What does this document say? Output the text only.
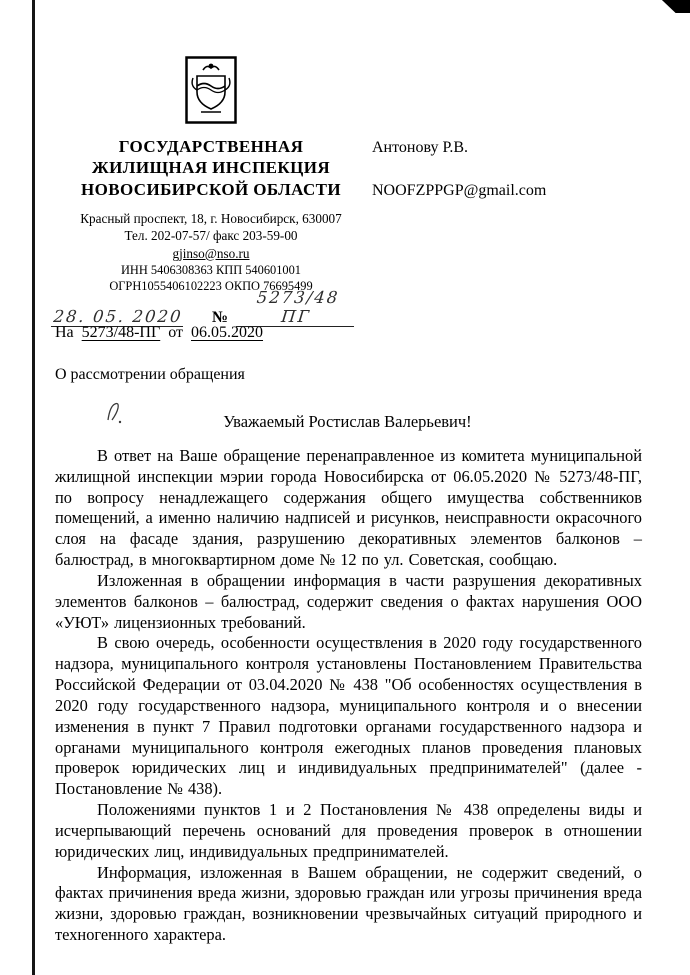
ГОСУДАРСТВЕННАЯ
ЖИЛИЩНАЯ ИНСПЕКЦИЯ
НОВОСИБИРСКОЙ ОБЛАСТИ
Красный проспект, 18, г. Новосибирск, 630007
Тел. 202-07-57/ факс 203-59-00
gjinso@nso.ru
ИНН 5406308363 КПП 540601001
ОГРН1055406102223 ОКПО 76695499
Антонову Р.В.
NOOFZPPGP@gmail.com
28. 05. 2020 №
5273/48 ПГ
На 5273/48-ПГ от 06.05.2020
О рассмотрении обращения
Уважаемый Ростислав Валерьевич!

В ответ на Ваше обращение перенаправленное из комитета муниципальной жилищной инспекции мэрии города Новосибирска от 06.05.2020 № 5273/48-ПГ, по вопросу ненадлежащего содержания общего имущества собственников помещений, а именно наличию надписей и рисунков, неисправности окрасочного слоя на фасаде здания, разрушению декоративных элементов балконов – балюстрад, в многоквартирном доме № 12 по ул. Советская, сообщаю.

Изложенная в обращении информация в части разрушения декоративных элементов балконов – балюстрад, содержит сведения о фактах нарушения ООО «УЮТ» лицензионных требований.

В свою очередь, особенности осуществления в 2020 году государственного надзора, муниципального контроля установлены Постановлением Правительства Российской Федерации от 03.04.2020 № 438 "Об особенностях осуществления в 2020 году государственного надзора, муниципального контроля и о внесении изменения в пункт 7 Правил подготовки органами государственного надзора и органами муниципального контроля ежегодных планов проведения плановых проверок юридических лиц и индивидуальных предпринимателей" (далее - Постановление № 438).

Положениями пунктов 1 и 2 Постановления № 438 определены виды и исчерпывающий перечень оснований для проведения проверок в отношении юридических лиц, индивидуальных предпринимателей.

Информация, изложенная в Вашем обращении, не содержит сведений, о фактах причинения вреда жизни, здоровью граждан или угрозы причинения вреда жизни, здоровью граждан, возникновении чрезвычайных ситуаций природного и техногенного характера.
